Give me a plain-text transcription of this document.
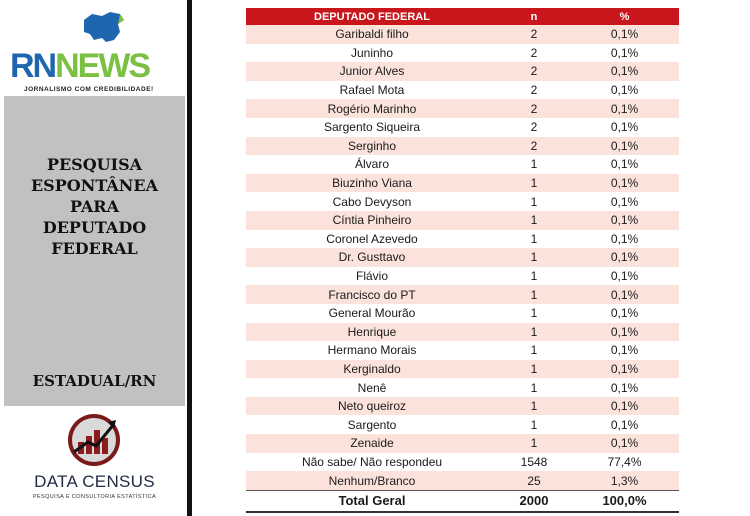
RNNEWS
JORNALISMO COM CREDIBILIDADE!
PESQUISA
ESPONTÂNEA
PARA
DEPUTADO
FEDERAL
ESTADUAL/RN
DATA CENSUS
PESQUISA E CONSULTORIA ESTATÍSTICA
DEPUTADO FEDERAL	n	%
Garibaldi filho	2	0,1%
Juninho	2	0,1%
Junior Alves	2	0,1%
Rafael Mota	2	0,1%
Rogério Marinho	2	0,1%
Sargento Siqueira	2	0,1%
Serginho	2	0,1%
Álvaro	1	0,1%
Biuzinho Viana	1	0,1%
Cabo Devyson	1	0,1%
Cíntia Pinheiro	1	0,1%
Coronel Azevedo	1	0,1%
Dr. Gusttavo	1	0,1%
Flávio	1	0,1%
Francisco do PT	1	0,1%
General Mourão	1	0,1%
Henrique	1	0,1%
Hermano Morais	1	0,1%
Kerginaldo	1	0,1%
Nenê	1	0,1%
Neto queiroz	1	0,1%
Sargento	1	0,1%
Zenaide	1	0,1%
Não sabe/ Não respondeu	1548	77,4%
Nenhum/Branco	25	1,3%
Total Geral	2000	100,0%
